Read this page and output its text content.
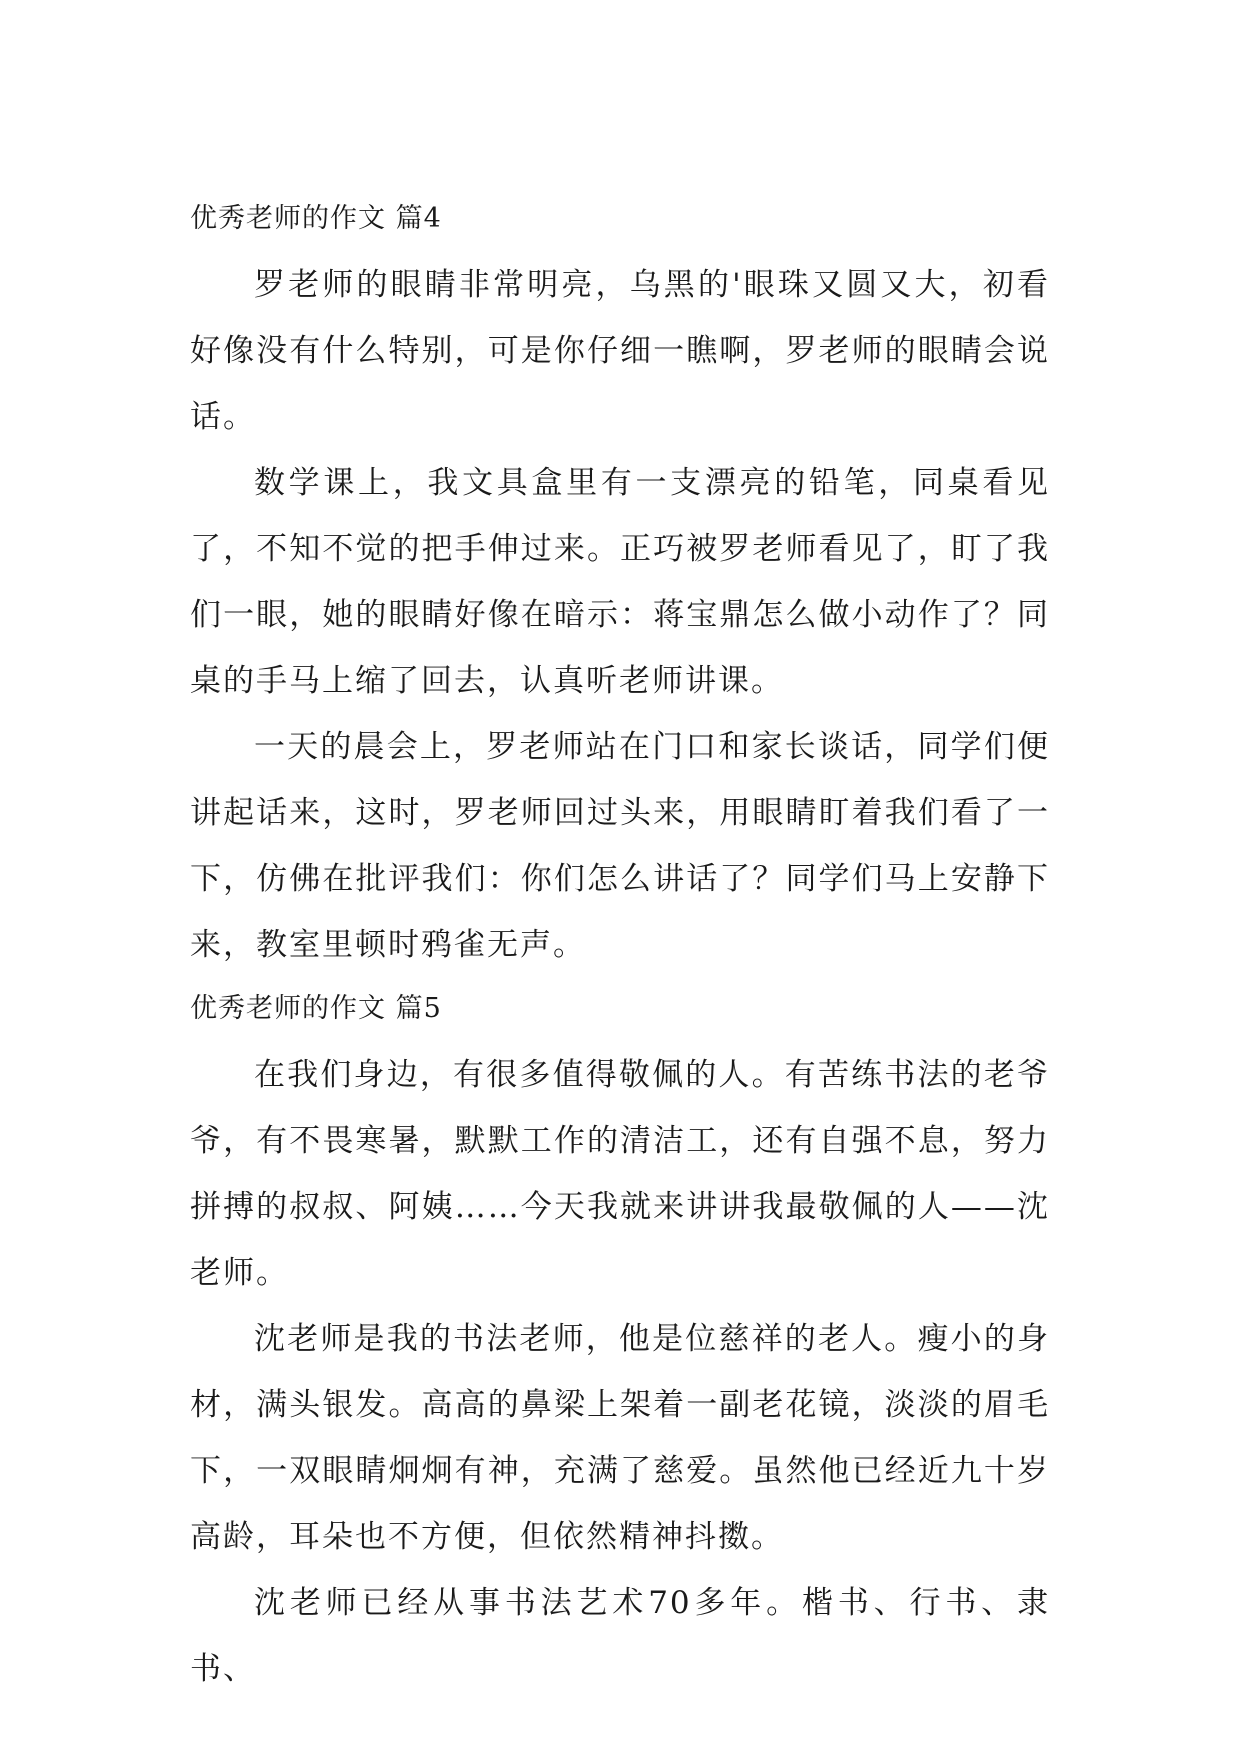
优秀老师的作文 篇4

罗老师的眼睛非常明亮，乌黑的'眼珠又圆又大，初看好像没有什么特别，可是你仔细一瞧啊，罗老师的眼睛会说话。

数学课上，我文具盒里有一支漂亮的铅笔，同桌看见了，不知不觉的把手伸过来。正巧被罗老师看见了，盯了我们一眼，她的眼睛好像在暗示：蒋宝鼎怎么做小动作了？同桌的手马上缩了回去，认真听老师讲课。

一天的晨会上，罗老师站在门口和家长谈话，同学们便讲起话来，这时，罗老师回过头来，用眼睛盯着我们看了一下，仿佛在批评我们：你们怎么讲话了？同学们马上安静下来，教室里顿时鸦雀无声。

优秀老师的作文 篇5

在我们身边，有很多值得敬佩的人。有苦练书法的老爷爷，有不畏寒暑，默默工作的清洁工，还有自强不息，努力拼搏的叔叔、阿姨……今天我就来讲讲我最敬佩的人——沈老师。

沈老师是我的书法老师，他是位慈祥的老人。瘦小的身材，满头银发。高高的鼻梁上架着一副老花镜，淡淡的眉毛下，一双眼睛炯炯有神，充满了慈爱。虽然他已经近九十岁高龄，耳朵也不方便，但依然精神抖擞。

沈老师已经从事书法艺术70多年。楷书、行书、隶书、
